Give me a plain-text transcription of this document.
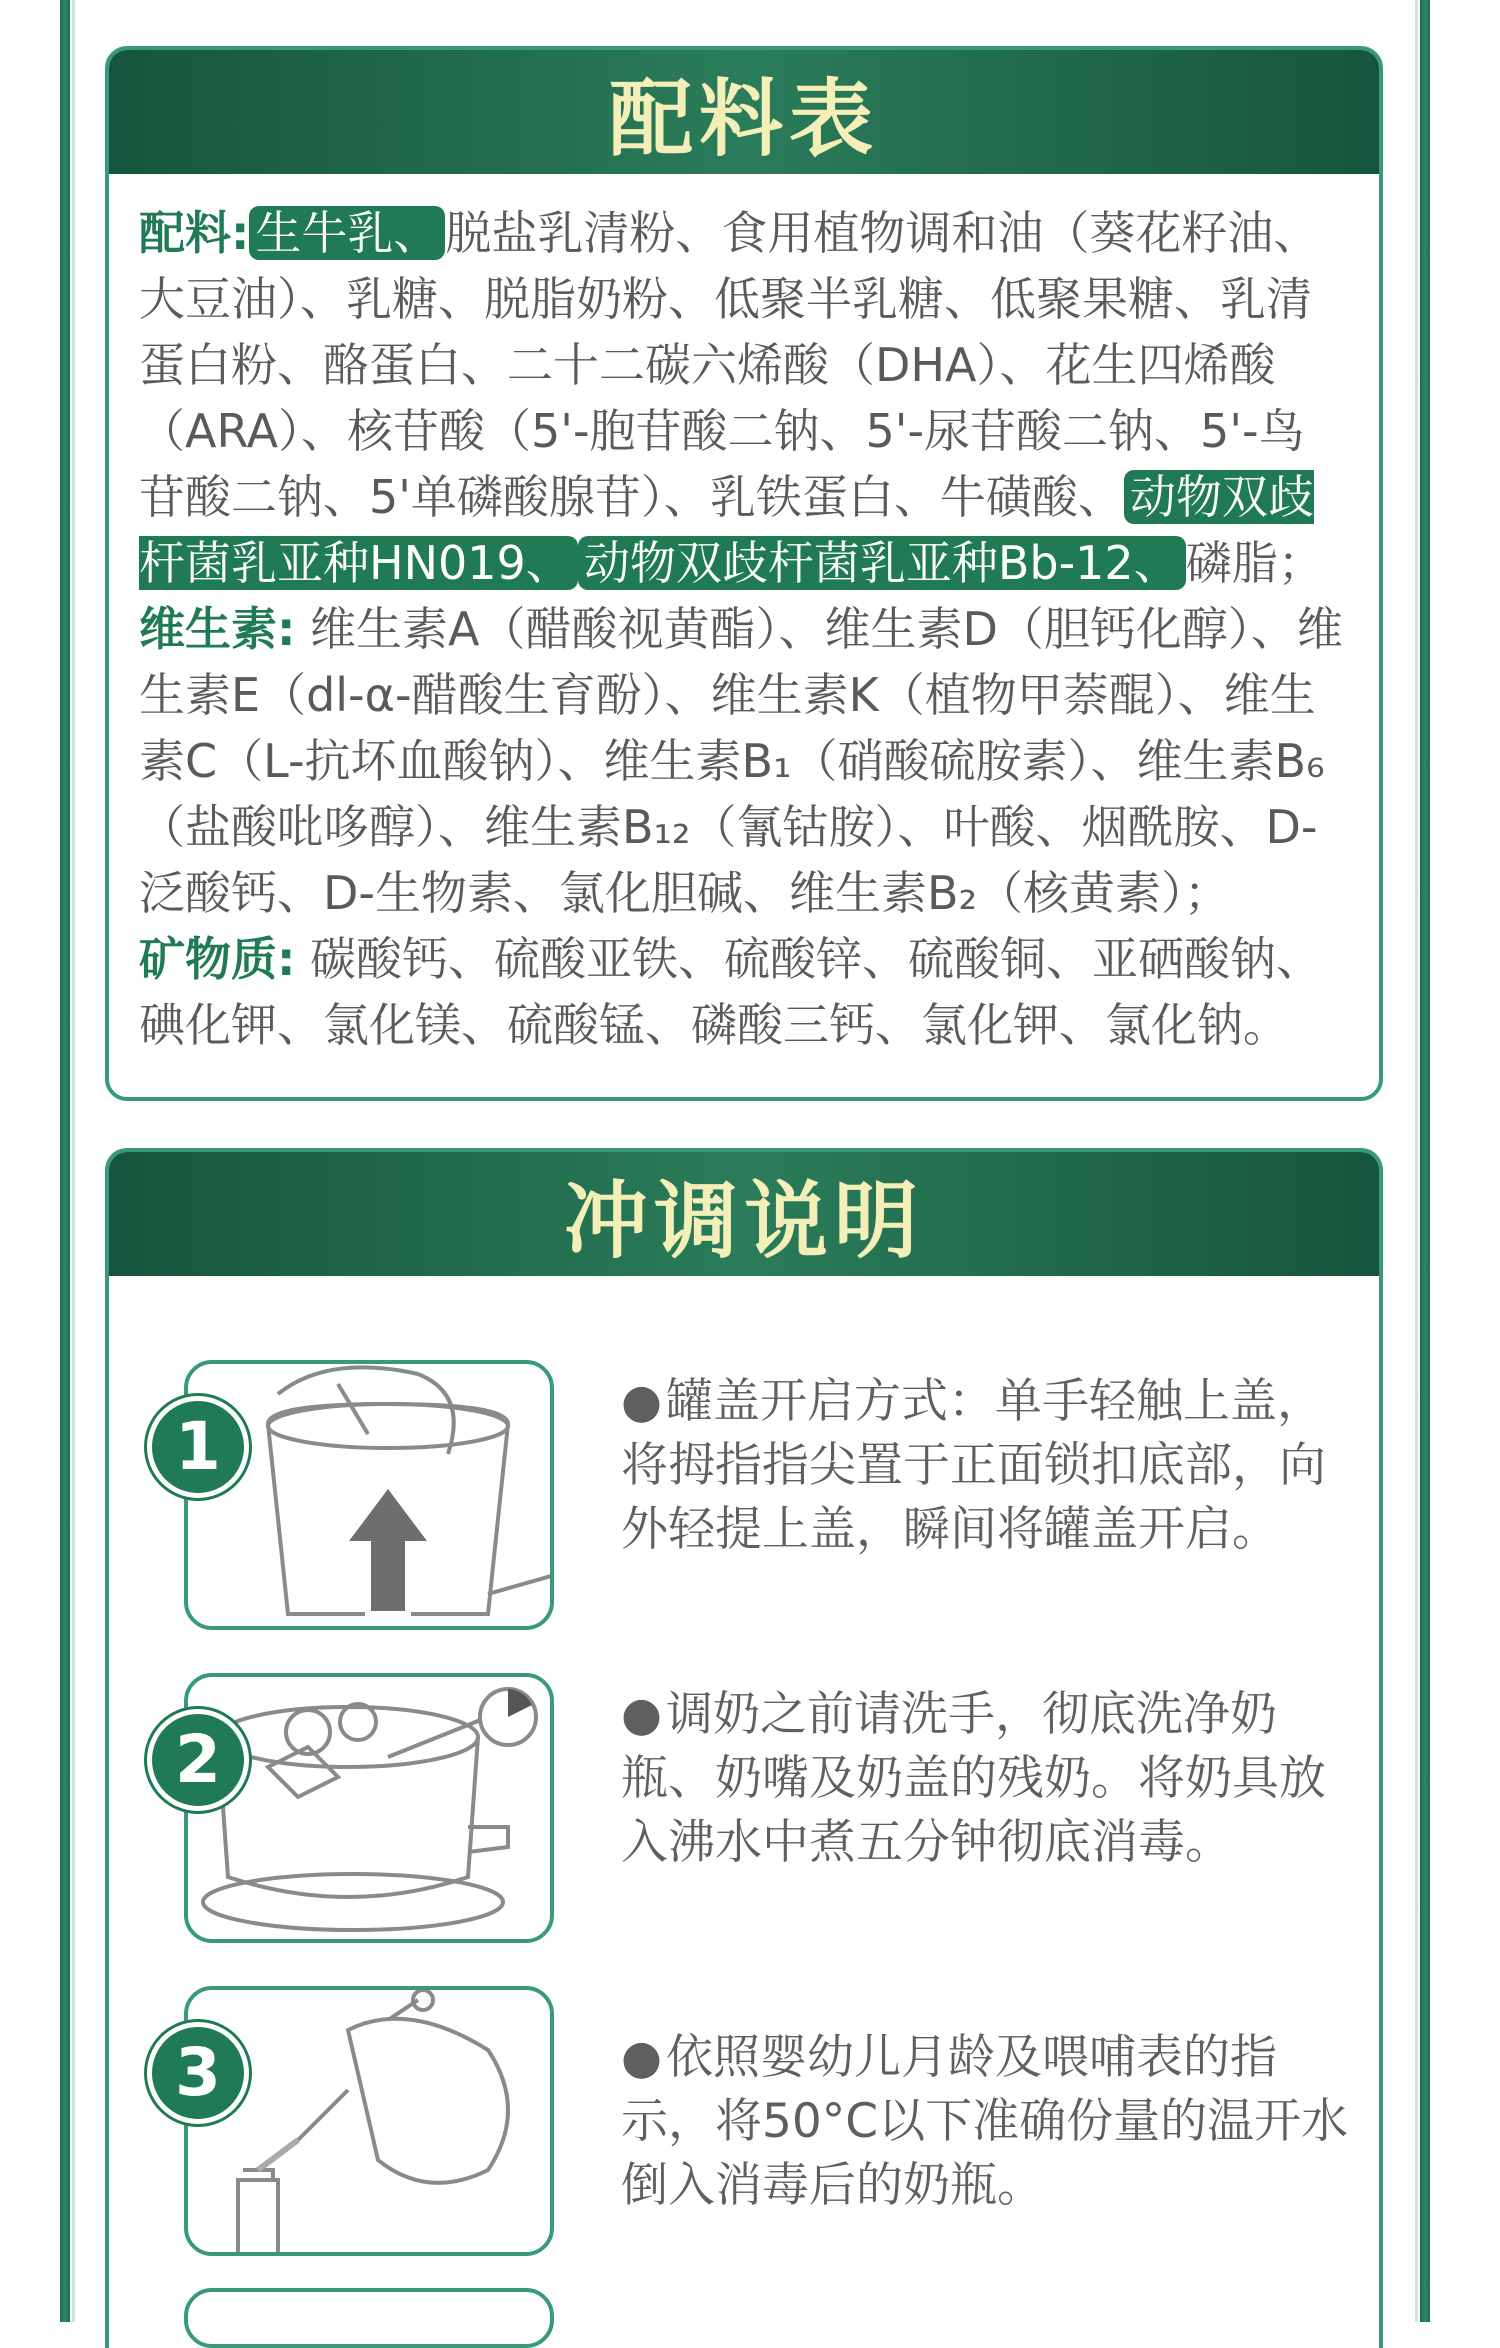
配料表

配料: 生牛乳、 脱盐乳清粉、食用植物调和油（葵花籽油、大豆油）、乳糖、脱脂奶粉、低聚半乳糖、低聚果糖、乳清蛋白粉、酪蛋白、二十二碳六烯酸（DHA）、花生四烯酸（ARA）、核苷酸（5'-胞苷酸二钠、5'-尿苷酸二钠、5'-鸟苷酸二钠、5'单磷酸腺苷）、乳铁蛋白、牛磺酸、 动物双歧杆菌乳亚种HN019、 动物双歧杆菌乳亚种Bb-12、 磷脂；

维生素: 维生素A（醋酸视黄酯）、维生素D（胆钙化醇）、维生素E（dl-α-醋酸生育酚）、维生素K（植物甲萘醌）、维生素C（L-抗坏血酸钠）、维生素B₁（硝酸硫胺素）、维生素B₆（盐酸吡哆醇）、维生素B₁₂（氰钴胺）、叶酸、烟酰胺、D-泛酸钙、D-生物素、氯化胆碱、维生素B₂（核黄素）；

矿物质: 碳酸钙、硫酸亚铁、硫酸锌、硫酸铜、亚硒酸钠、碘化钾、氯化镁、硫酸锰、磷酸三钙、氯化钾、氯化钠。

冲调说明
1
●罐盖开启方式：单手轻触上盖，将拇指指尖置于正面锁扣底部，向外轻提上盖，瞬间将罐盖开启。
2
●调奶之前请洗手，彻底洗净奶瓶、奶嘴及奶盖的残奶。将奶具放入沸水中煮五分钟彻底消毒。
3	●依照婴幼儿月龄及喂哺表的指示，将50°C以下准确份量的温开水倒入消毒后的奶瓶。
